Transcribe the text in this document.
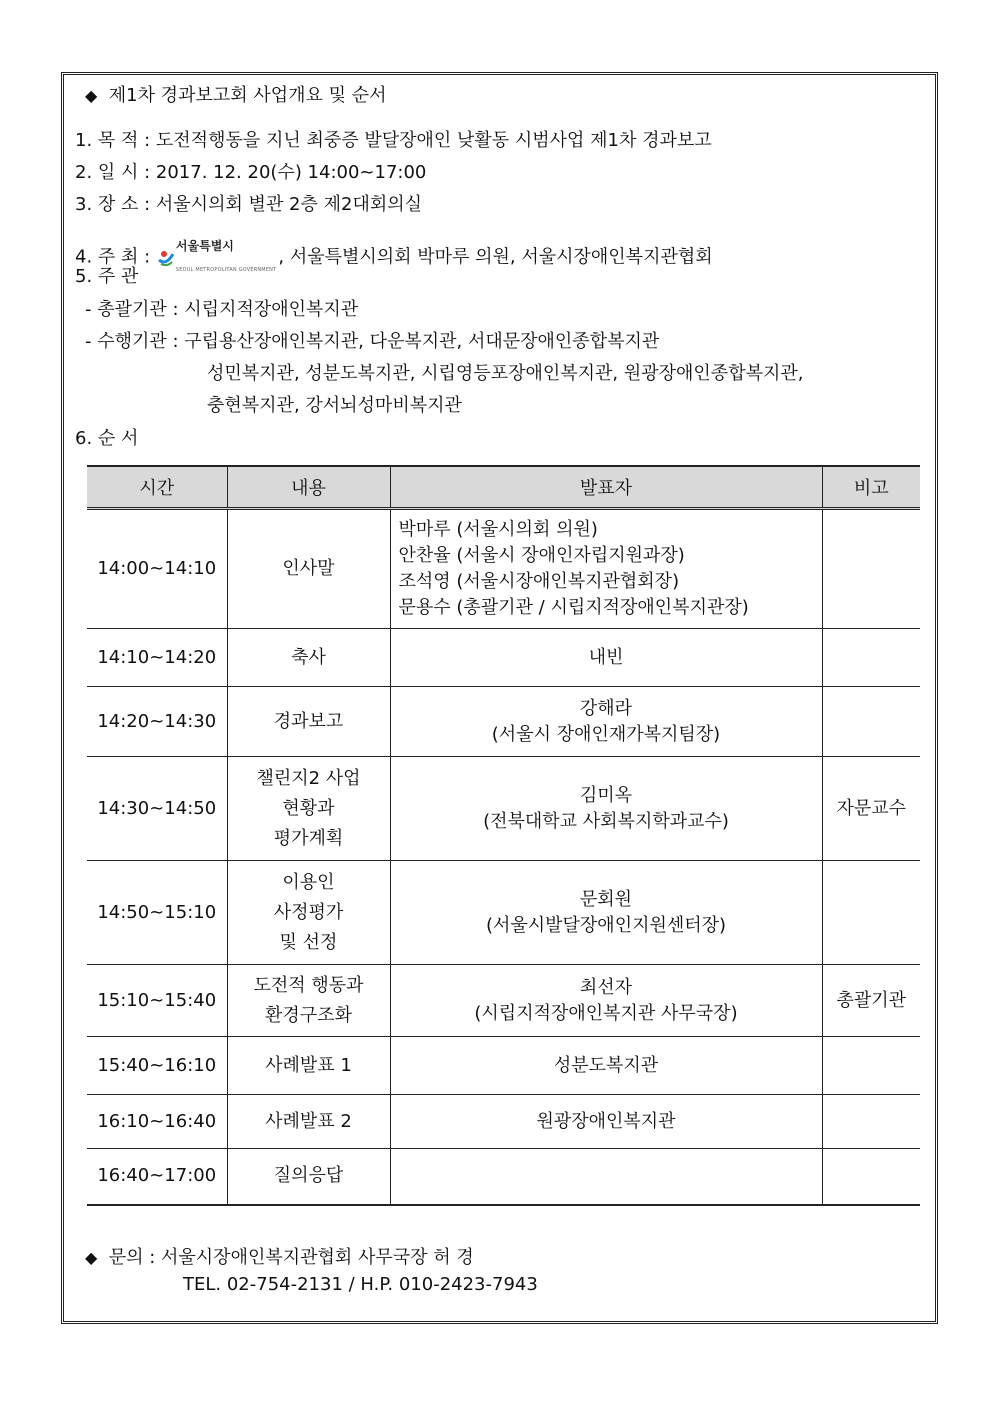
◆ 제1차 경과보고회 사업개요 및 순서
1. 목 적 : 도전적행동을 지닌 최중증 발달장애인 낮활동 시범사업 제1차 경과보고
2. 일 시 : 2017. 12. 20(수) 14:00~17:00
3. 장 소 : 서울시의회 별관 2층 제2대회의실
4. 주 최 :
서울특별시
SEOUL METROPOLITAN GOVERNMENT
, 서울특별시의회 박마루 의원, 서울시장애인복지관협회
5. 주 관
- 총괄기관 : 시립지적장애인복지관
- 수행기관 : 구립용산장애인복지관, 다운복지관, 서대문장애인종합복지관
성민복지관, 성분도복지관, 시립영등포장애인복지관, 원광장애인종합복지관,
충현복지관, 강서뇌성마비복지관
6. 순 서
시간	내용	발표자	비고
14:00~14:10	인사말	박마루 (서울시의회 의원)
안찬율 (서울시 장애인자립지원과장)
조석영 (서울시장애인복지관협회장)
문용수 (총괄기관 / 시립지적장애인복지관장)	

14:10~14:20	축사	내빈	
14:20~14:30	경과보고	강해라
(서울시 장애인재가복지팀장)	

14:30~14:50	챌린지2 사업
현황과
평가계획	김미옥
(전북대학교 사회복지학과교수)	자문교수
14:50~15:10	이용인
사정평가
및 선정	문회원
(서울시발달장애인지원센터장)	

15:10~15:40	도전적 행동과
환경구조화	최선자
(시립지적장애인복지관 사무국장)	총괄기관
15:40~16:10	사례발표 1	성분도복지관	
16:10~16:40	사례발표 2	원광장애인복지관	
16:40~17:00	질의응답		
◆ 문의 : 서울시장애인복지관협회 사무국장 허 경
TEL. 02-754-2131 / H.P. 010-2423-7943
